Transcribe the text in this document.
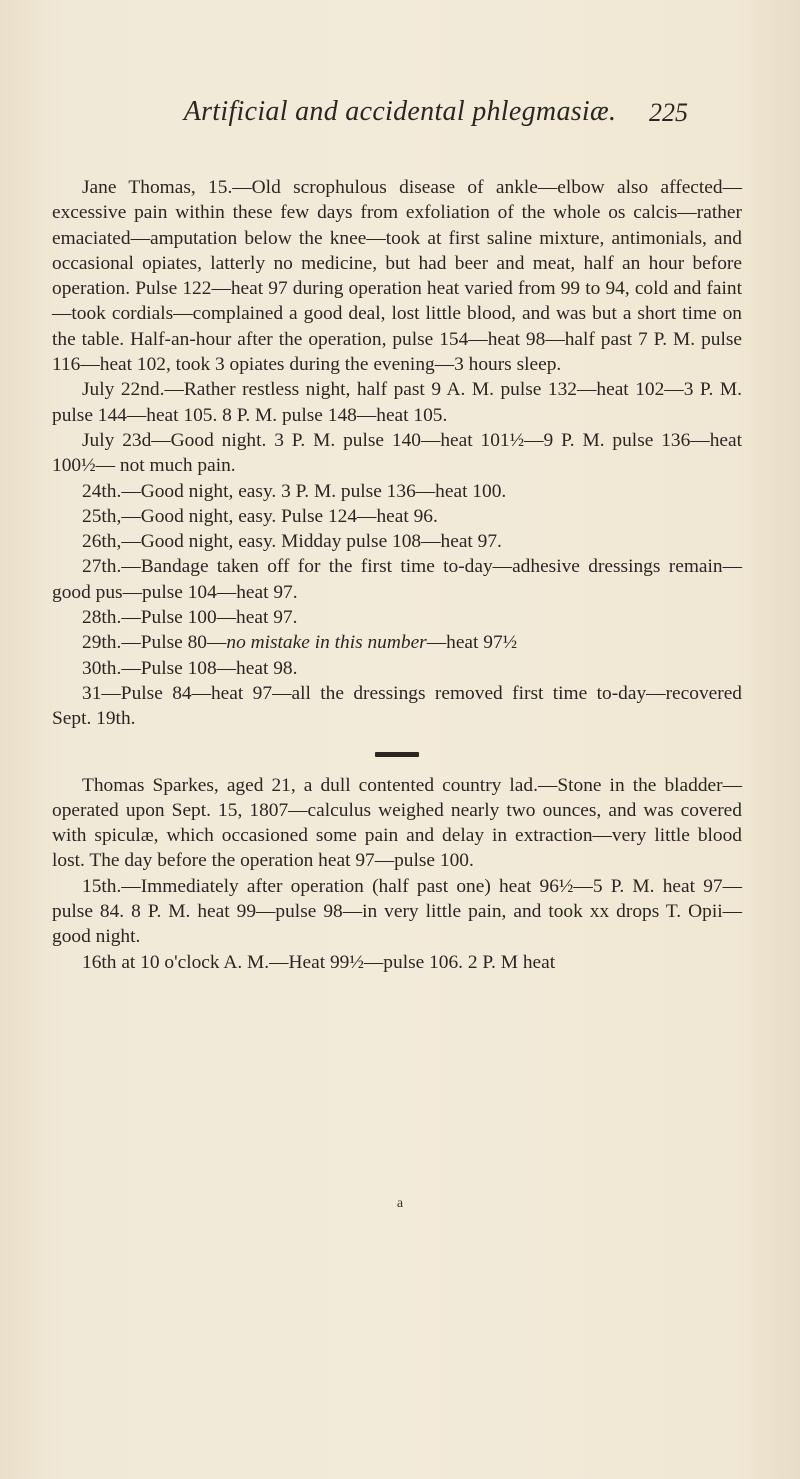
Artificial and accidental phlegmasiæ.	225

Jane Thomas, 15.—Old scrophulous disease of ankle—elbow also affected—excessive pain within these few days from exfoliation of the whole os calcis—rather emaciated—amputation below the knee—took at first saline mixture, antimonials, and occasional opiates, latterly no medicine, but had beer and meat, half an hour before operation. Pulse 122—heat 97 during operation heat varied from 99 to 94, cold and faint—took cordials—complained a good deal, lost little blood, and was but a short time on the table. Half-an-hour after the operation, pulse 154—heat 98—half past 7 P. M. pulse 116—heat 102, took 3 opiates during the evening—3 hours sleep.

July 22nd.—Rather restless night, half past 9 A. M. pulse 132—heat 102—3 P. M. pulse 144—heat 105. 8 P. M. pulse 148—heat 105.

July 23d—Good night. 3 P. M. pulse 140—heat 101½—9 P. M. pulse 136—heat 100½— not much pain.

24th.—Good night, easy. 3 P. M. pulse 136—heat 100.

25th,—Good night, easy. Pulse 124—heat 96.

26th,—Good night, easy. Midday pulse 108—heat 97.

27th.—Bandage taken off for the first time to-day—adhesive dressings remain—good pus—pulse 104—heat 97.

28th.—Pulse 100—heat 97.

29th.—Pulse 80—no mistake in this number—heat 97½

30th.—Pulse 108—heat 98.

31—Pulse 84—heat 97—all the dressings removed first time to-day—recovered Sept. 19th.

Thomas Sparkes, aged 21, a dull contented country lad.—Stone in the bladder—operated upon Sept. 15, 1807—calculus weighed nearly two ounces, and was covered with spiculæ, which occasioned some pain and delay in extraction—very little blood lost. The day before the operation heat 97—pulse 100.

15th.—Immediately after operation (half past one) heat 96½—5 P. M. heat 97—pulse 84. 8 P. M. heat 99—pulse 98—in very little pain, and took xx drops T. Opii—good night.

16th at 10 o'clock A. M.—Heat 99½—pulse 106. 2 P. M heat

a
